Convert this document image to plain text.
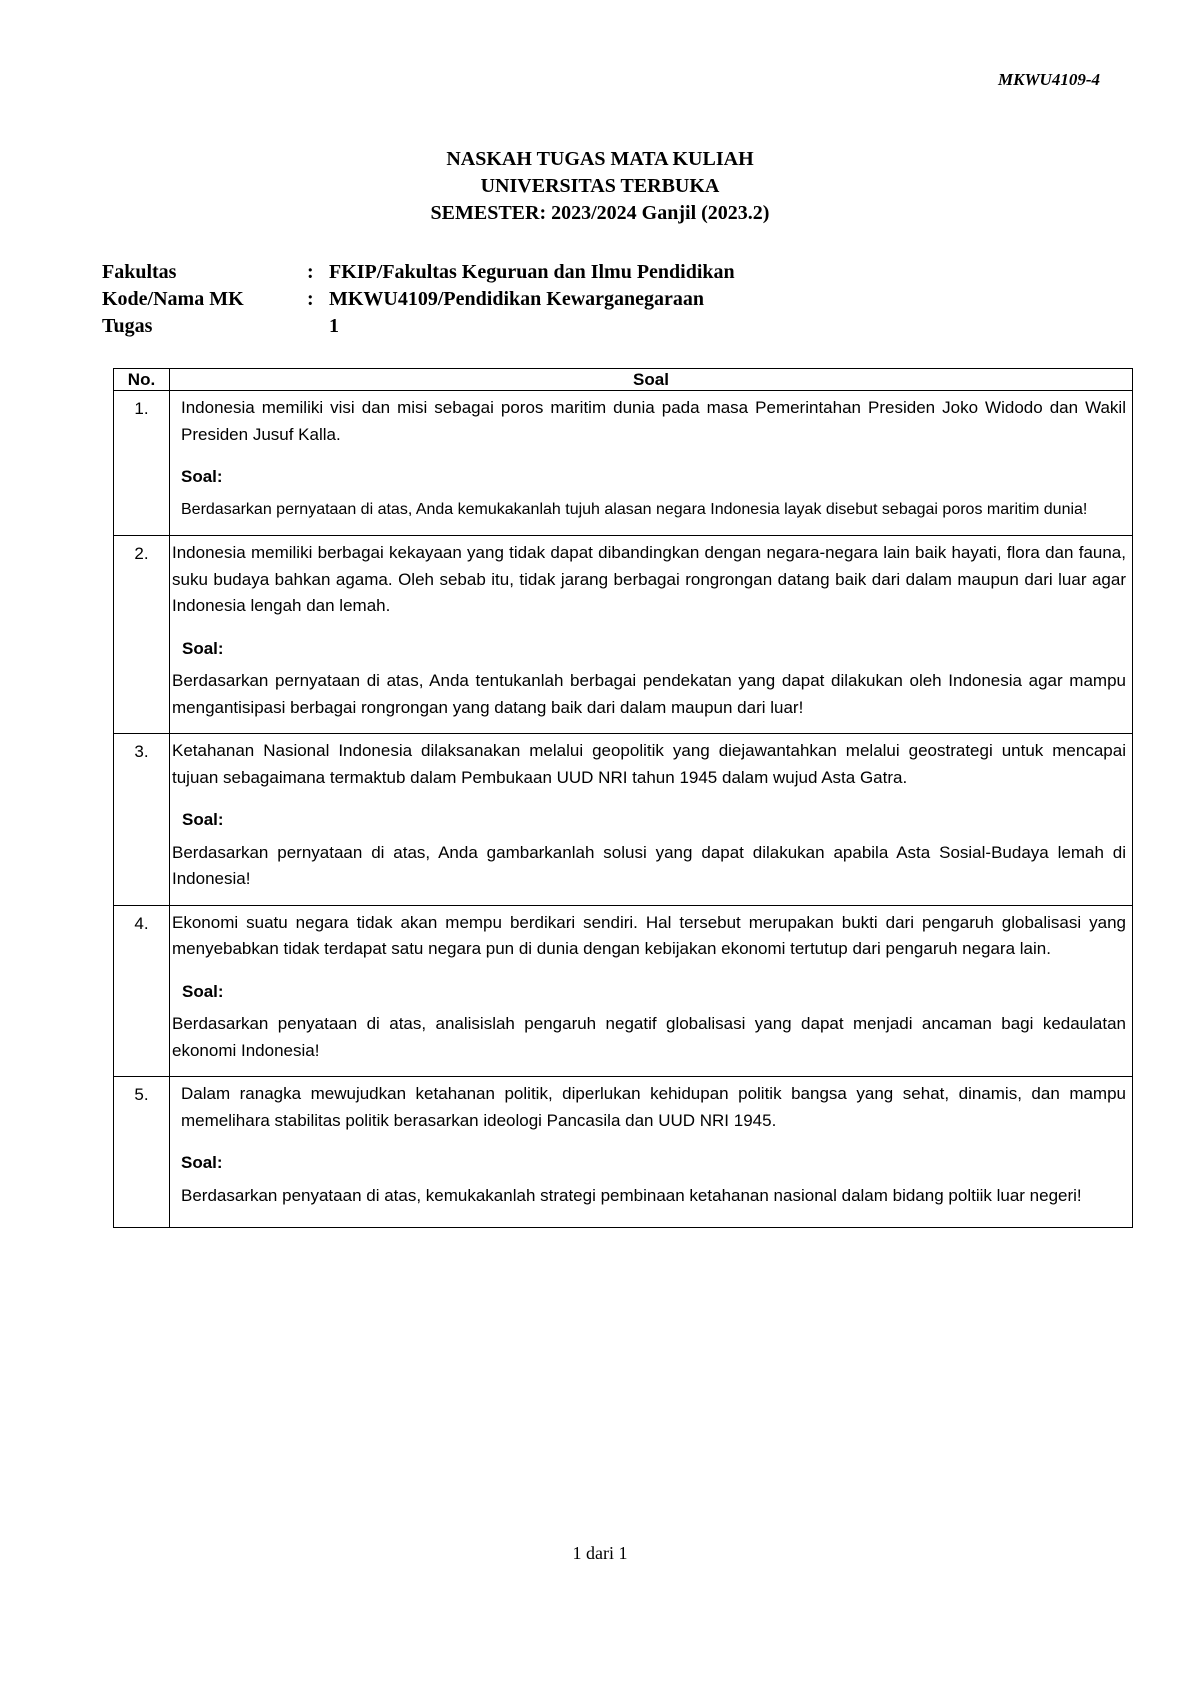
MKWU4109-4
NASKAH TUGAS MATA KULIAH
UNIVERSITAS TERBUKA
SEMESTER: 2023/2024 Ganjil (2023.2)
Fakultas	: FKIP/Fakultas Keguruan dan Ilmu Pendidikan
Kode/Nama MK	: MKWU4109/Pendidikan Kewarganegaraan
Tugas	1
No.	Soal
1.	Indonesia memiliki visi dan misi sebagai poros maritim dunia pada masa Pemerintahan Presiden Joko Widodo dan Wakil Presiden Jusuf Kalla.

Soal:

Berdasarkan pernyataan di atas, Anda kemukakanlah tujuh alasan negara Indonesia layak disebut sebagai poros maritim dunia!

2.	Indonesia memiliki berbagai kekayaan yang tidak dapat dibandingkan dengan negara-negara lain baik hayati, flora dan fauna, suku budaya bahkan agama. Oleh sebab itu, tidak jarang berbagai rongrongan datang baik dari dalam maupun dari luar agar Indonesia lengah dan lemah.

Soal:

Berdasarkan pernyataan di atas, Anda tentukanlah berbagai pendekatan yang dapat dilakukan oleh Indonesia agar mampu mengantisipasi berbagai rongrongan yang datang baik dari dalam maupun dari luar!

3.	Ketahanan Nasional Indonesia dilaksanakan melalui geopolitik yang diejawantahkan melalui geostrategi untuk mencapai tujuan sebagaimana termaktub dalam Pembukaan UUD NRI tahun 1945 dalam wujud Asta Gatra.

Soal:

Berdasarkan pernyataan di atas, Anda gambarkanlah solusi yang dapat dilakukan apabila Asta Sosial-Budaya lemah di Indonesia!

4.	Ekonomi suatu negara tidak akan mempu berdikari sendiri. Hal tersebut merupakan bukti dari pengaruh globalisasi yang menyebabkan tidak terdapat satu negara pun di dunia dengan kebijakan ekonomi tertutup dari pengaruh negara lain.

Soal:

Berdasarkan penyataan di atas, analisislah pengaruh negatif globalisasi yang dapat menjadi ancaman bagi kedaulatan ekonomi Indonesia!

5.	Dalam ranagka mewujudkan ketahanan politik, diperlukan kehidupan politik bangsa yang sehat, dinamis, dan mampu memelihara stabilitas politik berasarkan ideologi Pancasila dan UUD NRI 1945.

Soal:

Berdasarkan penyataan di atas, kemukakanlah strategi pembinaan ketahanan nasional dalam bidang poltiik luar negeri!

1 dari 1
